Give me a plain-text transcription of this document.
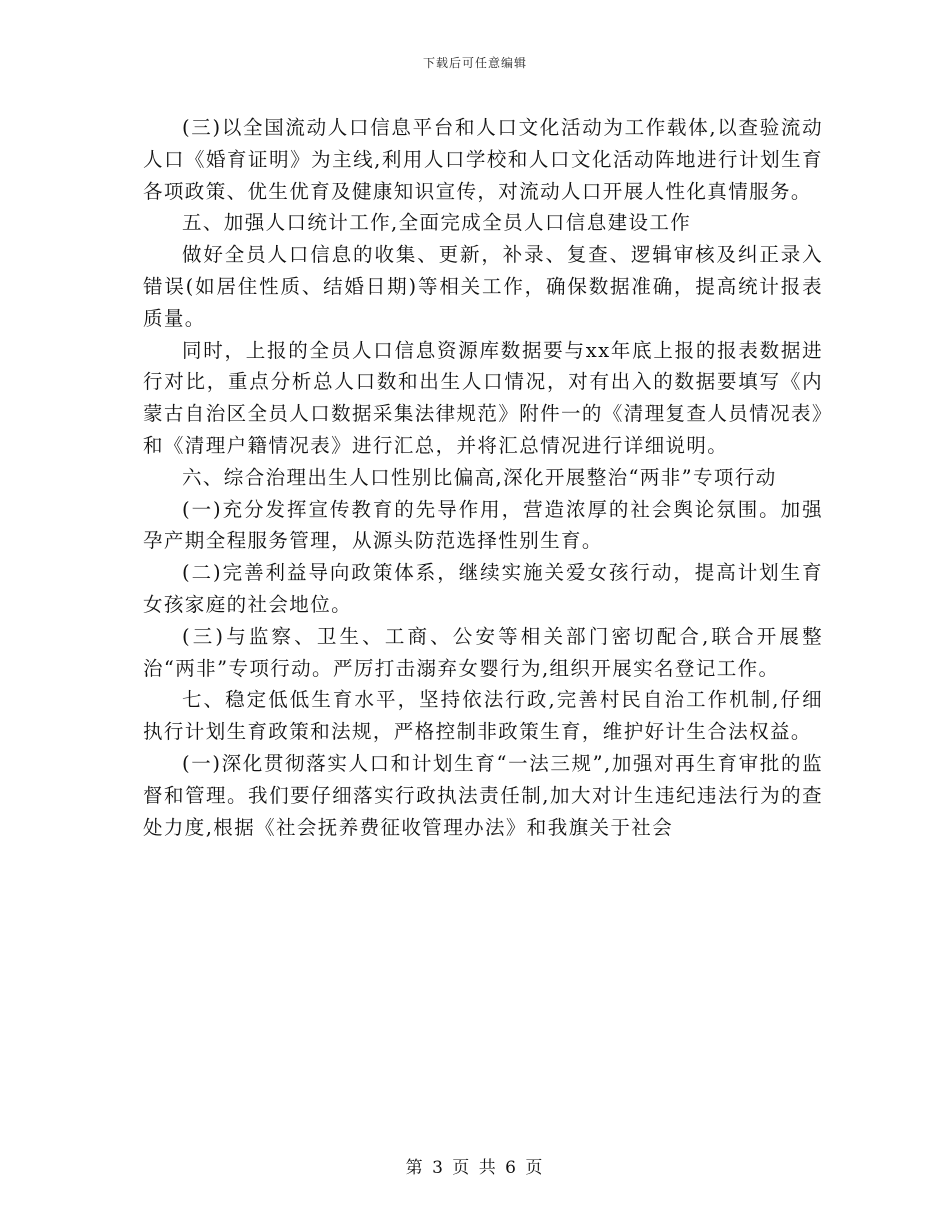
下载后可任意编辑

(三)以全国流动人口信息平台和人口文化活动为工作载体,以查验流动人口《婚育证明》为主线,利用人口学校和人口文化活动阵地进行计划生育各项政策、优生优育及健康知识宣传，对流动人口开展人性化真情服务。

五、加强人口统计工作,全面完成全员人口信息建设工作

做好全员人口信息的收集、更新，补录、复查、逻辑审核及纠正录入错误(如居住性质、结婚日期)等相关工作，确保数据准确，提高统计报表质量。

同时，上报的全员人口信息资源库数据要与xx年底上报的报表数据进行对比，重点分析总人口数和出生人口情况，对有出入的数据要填写《内蒙古自治区全员人口数据采集法律规范》附件一的《清理复查人员情况表》和《清理户籍情况表》进行汇总，并将汇总情况进行详细说明。

六、综合治理出生人口性别比偏高,深化开展整治“两非”专项行动

(一)充分发挥宣传教育的先导作用，营造浓厚的社会舆论氛围。加强孕产期全程服务管理，从源头防范选择性别生育。

(二)完善利益导向政策体系，继续实施关爱女孩行动，提高计划生育女孩家庭的社会地位。

(三)与监察、卫生、工商、公安等相关部门密切配合,联合开展整治“两非”专项行动。严厉打击溺弃女婴行为,组织开展实名登记工作。

七、稳定低低生育水平，坚持依法行政,完善村民自治工作机制,仔细执行计划生育政策和法规，严格控制非政策生育，维护好计生合法权益。

(一)深化贯彻落实人口和计划生育“一法三规”,加强对再生育审批的监督和管理。我们要仔细落实行政执法责任制,加大对计生违纪违法行为的查处力度,根据《社会抚养费征收管理办法》和我旗关于社会

第 3 页 共 6 页
